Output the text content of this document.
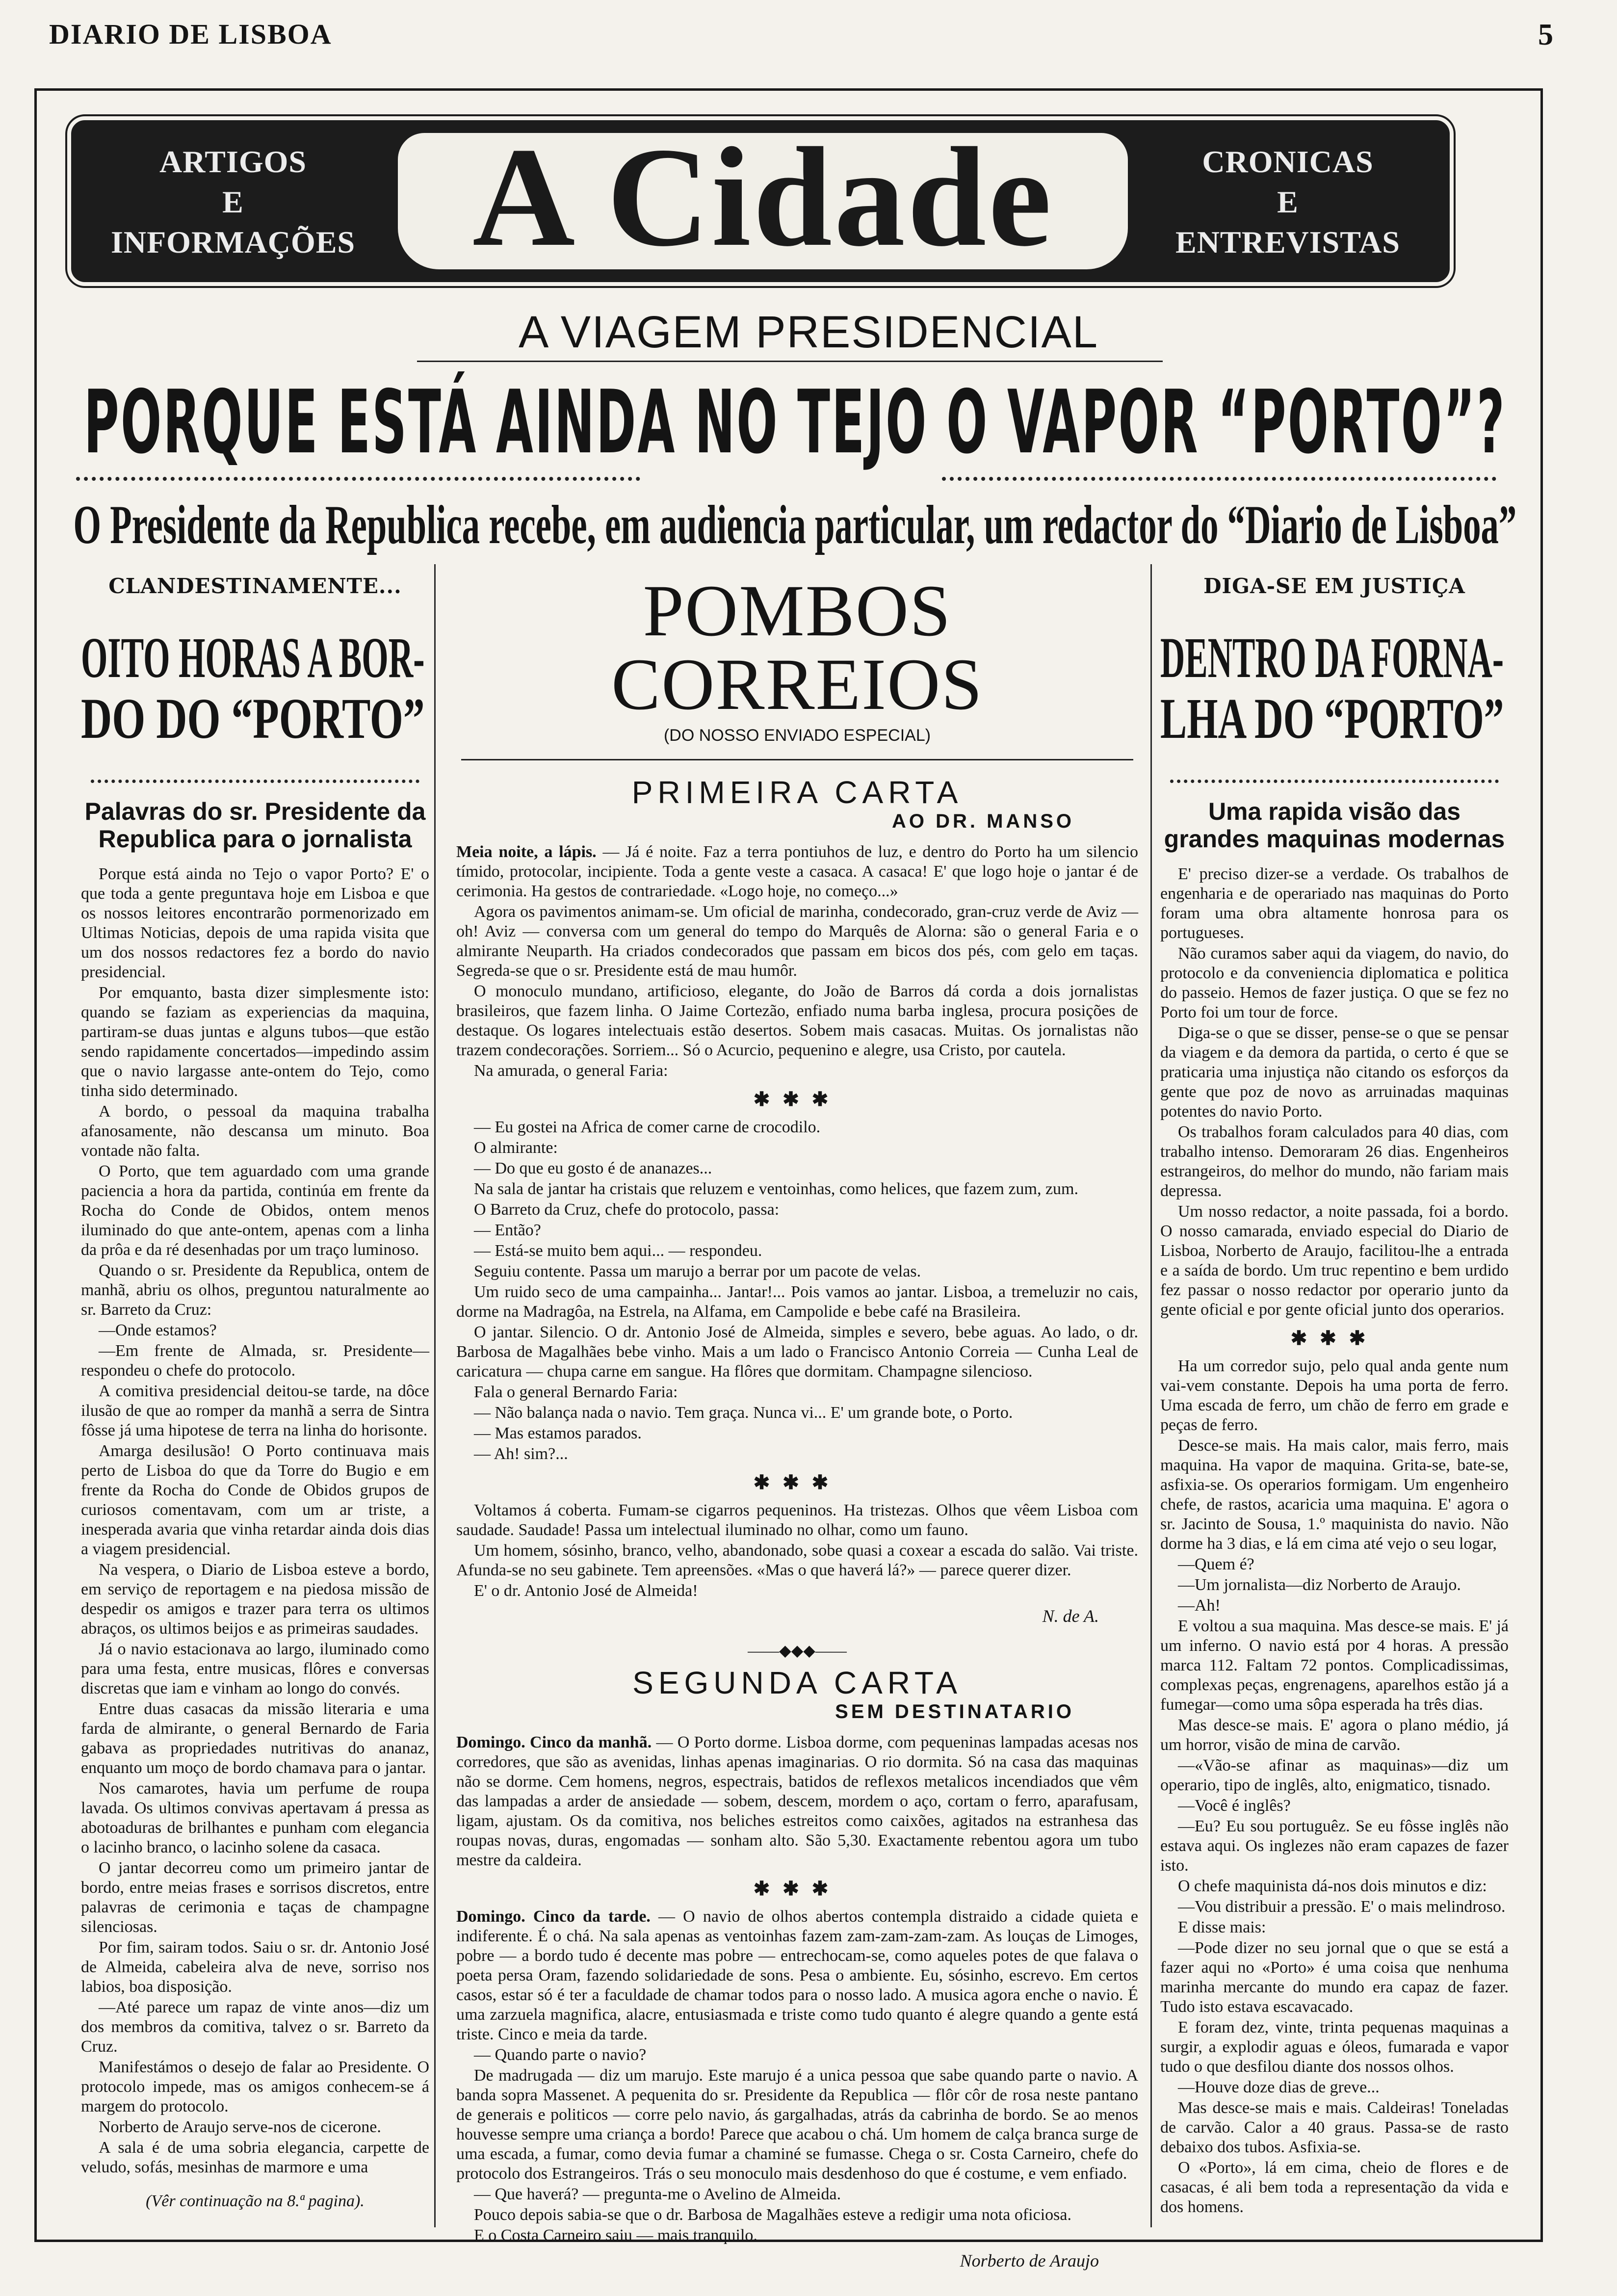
DIARIO DE LISBOA	5
ARTIGOS
E
INFORMAÇÕES A Cidade	CRONICAS
E
ENTREVISTAS
A VIAGEM PRESIDENCIAL
PORQUE ESTÁ AINDA NO TEJO O VAPOR “PORTO”?
O Presidente da Republica recebe, em audiencia particular, um redactor do “Diario de Lisboa”
CLANDESTINAMENTE...
OITO HORAS A BOR-
DO DO “PORTO”
Palavras do sr. Presidente da Republica para o jornalista

Porque está ainda no Tejo o vapor Porto? E' o que toda a gente preguntava hoje em Lisboa e que os nossos leitores encontrarão pormenorizado em Ultimas Noticias, depois de uma rapida visita que um dos nossos redactores fez a bordo do navio presidencial.

Por emquanto, basta dizer simplesmente isto: quando se faziam as experiencias da maquina, partiram-se duas juntas e alguns tubos—que estão sendo rapidamente concertados—impedindo assim que o navio largasse ante-ontem do Tejo, como tinha sido determinado.

A bordo, o pessoal da maquina trabalha afanosamente, não descansa um minuto. Boa vontade não falta.

O Porto, que tem aguardado com uma grande paciencia a hora da partida, continúa em frente da Rocha do Conde de Obidos, ontem menos iluminado do que ante-ontem, apenas com a linha da prôa e da ré desenhadas por um traço luminoso.

Quando o sr. Presidente da Republica, ontem de manhã, abriu os olhos, preguntou naturalmente ao sr. Barreto da Cruz:

—Onde estamos?

—Em frente de Almada, sr. Presidente—respondeu o chefe do protocolo.

A comitiva presidencial deitou-se tarde, na dôce ilusão de que ao romper da manhã a serra de Sintra fôsse já uma hipotese de terra na linha do horisonte.

Amarga desilusão! O Porto continuava mais perto de Lisboa do que da Torre do Bugio e em frente da Rocha do Conde de Obidos grupos de curiosos comentavam, com um ar triste, a inesperada avaria que vinha retardar ainda dois dias a viagem presidencial.

Na vespera, o Diario de Lisboa esteve a bordo, em serviço de reportagem e na piedosa missão de despedir os amigos e trazer para terra os ultimos abraços, os ultimos beijos e as primeiras saudades.

Já o navio estacionava ao largo, iluminado como para uma festa, entre musicas, flôres e conversas discretas que iam e vinham ao longo do convés.

Entre duas casacas da missão literaria e uma farda de almirante, o general Bernardo de Faria gabava as propriedades nutritivas do ananaz, enquanto um moço de bordo chamava para o jantar.

Nos camarotes, havia um perfume de roupa lavada. Os ultimos convivas apertavam á pressa as abotoaduras de brilhantes e punham com elegancia o lacinho branco, o lacinho solene da casaca.

O jantar decorreu como um primeiro jantar de bordo, entre meias frases e sorrisos discretos, entre palavras de cerimonia e taças de champagne silenciosas.

Por fim, sairam todos. Saiu o sr. dr. Antonio José de Almeida, cabeleira alva de neve, sorriso nos labios, boa disposição.

—Até parece um rapaz de vinte anos—diz um dos membros da comitiva, talvez o sr. Barreto da Cruz.

Manifestámos o desejo de falar ao Presidente. O protocolo impede, mas os amigos conhecem-se á margem do protocolo.

Norberto de Araujo serve-nos de cicerone.

A sala é de uma sobria elegancia, carpette de veludo, sofás, mesinhas de marmore e uma

(Vêr continuação na 8.ª pagina).
POMBOS CORREIOS
(DO NOSSO ENVIADO ESPECIAL)
PRIMEIRA CARTA
AO DR. MANSO

Meia noite, a lápis. — Já é noite. Faz a terra pontiuhos de luz, e dentro do Porto ha um silencio tímido, protocolar, incipiente. Toda a gente veste a casaca. A casaca! E' que logo hoje o jantar é de cerimonia. Ha gestos de contrariedade. «Logo hoje, no começo...»

Agora os pavimentos animam-se. Um oficial de marinha, condecorado, gran-cruz verde de Aviz — oh! Aviz — conversa com um general do tempo do Marquês de Alorna: são o general Faria e o almirante Neuparth. Ha criados condecorados que passam em bicos dos pés, com gelo em taças. Segreda-se que o sr. Presidente está de mau humôr.

O monoculo mundano, artificioso, elegante, do João de Barros dá corda a dois jornalistas brasileiros, que fazem linha. O Jaime Cortezão, enfiado numa barba inglesa, procura posições de destaque. Os logares intelectuais estão desertos. Sobem mais casacas. Muitas. Os jornalistas não trazem condecorações. Sorriem... Só o Acurcio, pequenino e alegre, usa Cristo, por cautela.

Na amurada, o general Faria:

✱✱✱

— Eu gostei na Africa de comer carne de crocodilo.

O almirante:

— Do que eu gosto é de ananazes...

Na sala de jantar ha cristais que reluzem e ventoinhas, como helices, que fazem zum, zum.

O Barreto da Cruz, chefe do protocolo, passa:

— Então?

— Está-se muito bem aqui... — respondeu.

Seguiu contente. Passa um marujo a berrar por um pacote de velas.

Um ruido seco de uma campainha... Jantar!... Pois vamos ao jantar. Lisboa, a tremeluzir no cais, dorme na Madragôa, na Estrela, na Alfama, em Campolide e bebe café na Brasileira.

O jantar. Silencio. O dr. Antonio José de Almeida, simples e severo, bebe aguas. Ao lado, o dr. Barbosa de Magalhães bebe vinho. Mais a um lado o Francisco Antonio Correia — Cunha Leal de caricatura — chupa carne em sangue. Ha flôres que dormitam. Champagne silencioso.

Fala o general Bernardo Faria:

— Não balança nada o navio. Tem graça. Nunca vi... E' um grande bote, o Porto.

— Mas estamos parados.

— Ah! sim?...

✱✱✱

Voltamos á coberta. Fumam-se cigarros pequeninos. Ha tristezas. Olhos que vêem Lisboa com saudade. Saudade! Passa um intelectual iluminado no olhar, como um fauno.

Um homem, sósinho, branco, velho, abandonado, sobe quasi a coxear a escada do salão. Vai triste. Afunda-se no seu gabinete. Tem apreensões. «Mas o que haverá lá?» — parece querer dizer.

E' o dr. Antonio José de Almeida!

N. de A.
——◆◆◆——
SEGUNDA CARTA
SEM DESTINATARIO

Domingo. Cinco da manhã. — O Porto dorme. Lisboa dorme, com pequeninas lampadas acesas nos corredores, que são as avenidas, linhas apenas imaginarias. O rio dormita. Só na casa das maquinas não se dorme. Cem homens, negros, espectrais, batidos de reflexos metalicos incendiados que vêm das lampadas a arder de ansiedade — sobem, descem, mordem o aço, cortam o ferro, aparafusam, ligam, ajustam. Os da comitiva, nos beliches estreitos como caixões, agitados na estranhesa das roupas novas, duras, engomadas — sonham alto. São 5,30. Exactamente rebentou agora um tubo mestre da caldeira.

✱✱✱

Domingo. Cinco da tarde. — O navio de olhos abertos contempla distraido a cidade quieta e indiferente. É o chá. Na sala apenas as ventoinhas fazem zam-zam-zam-zam. As louças de Limoges, pobre — a bordo tudo é decente mas pobre — entrechocam-se, como aqueles potes de que falava o poeta persa Oram, fazendo solidariedade de sons. Pesa o ambiente. Eu, sósinho, escrevo. Em certos casos, estar só é ter a faculdade de chamar todos para o nosso lado. A musica agora enche o navio. É uma zarzuela magnifica, alacre, entusiasmada e triste como tudo quanto é alegre quando a gente está triste. Cinco e meia da tarde.

— Quando parte o navio?

De madrugada — diz um marujo. Este marujo é a unica pessoa que sabe quando parte o navio. A banda sopra Massenet. A pequenita do sr. Presidente da Republica — flôr côr de rosa neste pantano de generais e politicos — corre pelo navio, ás gargalhadas, atrás da cabrinha de bordo. Se ao menos houvesse sempre uma criança a bordo! Parece que acabou o chá. Um homem de calça branca surge de uma escada, a fumar, como devia fumar a chaminé se fumasse. Chega o sr. Costa Carneiro, chefe do protocolo dos Estrangeiros. Trás o seu monoculo mais desdenhoso do que é costume, e vem enfiado.

— Que haverá? — pregunta-me o Avelino de Almeida.

Pouco depois sabia-se que o dr. Barbosa de Magalhães esteve a redigir uma nota oficiosa.

E o Costa Carneiro saiu — mais tranquilo.

Norberto de Araujo
DIGA-SE EM JUSTIÇA
DENTRO DA FORNA-
LHA DO “PORTO”
Uma rapida visão das grandes maquinas modernas

E' preciso dizer-se a verdade. Os trabalhos de engenharia e de operariado nas maquinas do Porto foram uma obra altamente honrosa para os portugueses.

Não curamos saber aqui da viagem, do navio, do protocolo e da conveniencia diplomatica e politica do passeio. Hemos de fazer justiça. O que se fez no Porto foi um tour de force.

Diga-se o que se disser, pense-se o que se pensar da viagem e da demora da partida, o certo é que se praticaria uma injustiça não citando os esforços da gente que poz de novo as arruinadas maquinas potentes do navio Porto.

Os trabalhos foram calculados para 40 dias, com trabalho intenso. Demoraram 26 dias. Engenheiros estrangeiros, do melhor do mundo, não fariam mais depressa.

Um nosso redactor, a noite passada, foi a bordo. O nosso camarada, enviado especial do Diario de Lisboa, Norberto de Araujo, facilitou-lhe a entrada e a saída de bordo. Um truc repentino e bem urdido fez passar o nosso redactor por operario junto da gente oficial e por gente oficial junto dos operarios.

✱✱✱

Ha um corredor sujo, pelo qual anda gente num vai-vem constante. Depois ha uma porta de ferro. Uma escada de ferro, um chão de ferro em grade e peças de ferro.

Desce-se mais. Ha mais calor, mais ferro, mais maquina. Ha vapor de maquina. Grita-se, bate-se, asfixia-se. Os operarios formigam. Um engenheiro chefe, de rastos, acaricia uma maquina. E' agora o sr. Jacinto de Sousa, 1.º maquinista do navio. Não dorme ha 3 dias, e lá em cima até vejo o seu logar,

—Quem é?

—Um jornalista—diz Norberto de Araujo.

—Ah!

E voltou a sua maquina. Mas desce-se mais. E' já um inferno. O navio está por 4 horas. A pressão marca 112. Faltam 72 pontos. Complicadissimas, complexas peças, engrenagens, aparelhos estão já a fumegar—como uma sôpa esperada ha três dias.

Mas desce-se mais. E' agora o plano médio, já um horror, visão de mina de carvão.

—«Vão-se afinar as maquinas»—diz um operario, tipo de inglês, alto, enigmatico, tisnado.

—Você é inglês?

—Eu? Eu sou portuguêz. Se eu fôsse inglês não estava aqui. Os inglezes não eram capazes de fazer isto.

O chefe maquinista dá-nos dois minutos e diz:

—Vou distribuir a pressão. E' o mais melindroso.

E disse mais:

—Pode dizer no seu jornal que o que se está a fazer aqui no «Porto» é uma coisa que nenhuma marinha mercante do mundo era capaz de fazer. Tudo isto estava escavacado.

E foram dez, vinte, trinta pequenas maquinas a surgir, a explodir aguas e óleos, fumarada e vapor tudo o que desfilou diante dos nossos olhos.

—Houve doze dias de greve...

Mas desce-se mais e mais. Caldeiras! Toneladas de carvão. Calor a 40 graus. Passa-se de rasto debaixo dos tubos. Asfixia-se.

O «Porto», lá em cima, cheio de flores e de casacas, é ali bem toda a representação da vida e dos homens.
